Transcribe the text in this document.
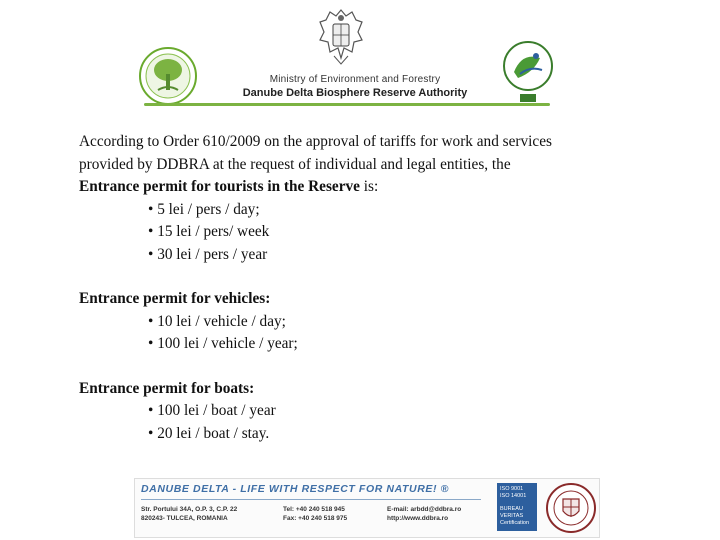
Ministry of Environment and Forestry
Danube Delta Biosphere Reserve Authority

According to Order 610/2009 on the approval of tariffs for work and services
provided by DDBRA at the request of individual and legal entities, the
Entrance permit for tourists in the Reserve is:

• 5 lei / pers / day;
• 15 lei / pers/ week
• 30 lei / pers / year
Entrance permit for vehicles:
• 10 lei / vehicle / day;
• 100 lei / vehicle / year;
Entrance permit for boats:
• 100 lei / boat / year
• 20 lei / boat / stay.
DANUBE DELTA - LIFE WITH RESPECT FOR NATURE! ®
Str. Portului 34A, O.P. 3, C.P. 22
820243- TULCEA, ROMANIA
Tel: +40 240 518 945
Fax: +40 240 518 975
E-mail: arbdd@ddbra.ro
http://www.ddbra.ro
ISO 9001
ISO 14001
BUREAU VERITAS
Certification
